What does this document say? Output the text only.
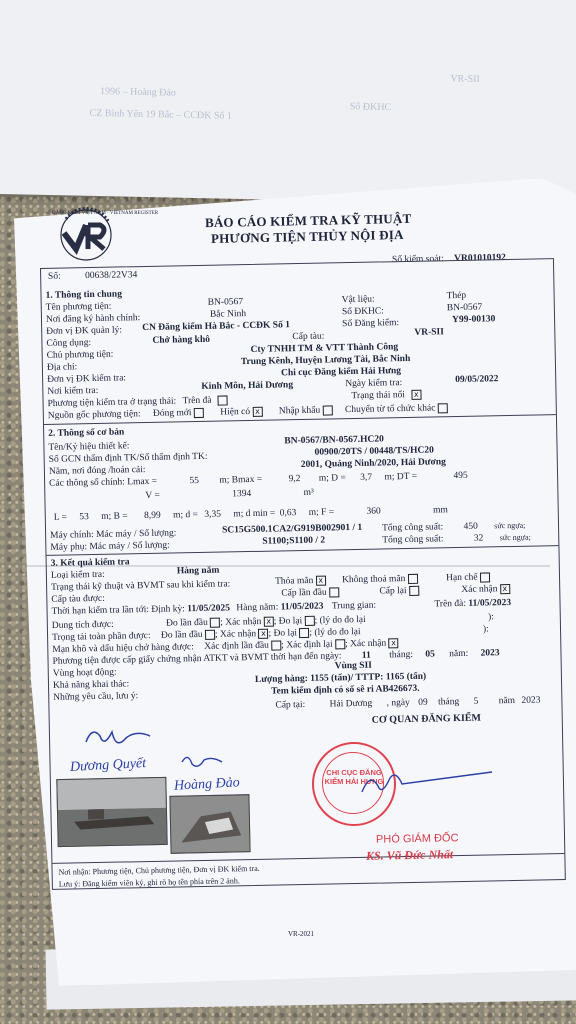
1996 – Hoàng Đảo
CZ Bình Yên 19 Bắc – CCĐK Số 1
Số ĐKHC
VR-SII
ĐĂNG KIỂM VIỆT NAM · VIETNAM REGISTER	BÁO CÁO KIỂM TRA KỸ THUẬT
PHƯƠNG TIỆN THỦY NỘI ĐỊA
Số kiểm soát: VR01010192
Số:	00638/22V34
1. Thông tin chung
Tên phương tiện:	BN-0567	Vật liệu:	Thép
Nơi đăng ký hành chính:	Bắc Ninh	Số ĐKHC:	BN-0567
Đơn vị ĐK quản lý: CN Đăng kiểm Hà Bắc - CCĐK Số 1	Số Đăng kiểm:	Y99-00130
Công dụng:	Chở hàng khô	Cấp tàu:	VR-SII
Chủ phương tiện:
Cty TNHH TM & VTT Thành Công
Địa chỉ:
Trung Kênh, Huyện Lương Tài, Bắc Ninh
Đơn vị ĐK kiểm tra:
Chi cục Đăng kiểm Hải Hưng
Nơi kiểm tra:	Kinh Môn, Hải Dương	Ngày kiểm tra:	09/05/2022
Phương tiện kiểm tra ở trạng thái: Trên đà	Trạng thái nổi x
Nguồn gốc phương tiện: Đóng mới	Hiện có x Nhập khẩu	Chuyển từ tổ chức khác
2. Thông số cơ bản
Tên/Ký hiệu thiết kế:
BN-0567/BN-0567.HC20
Số GCN thẩm định TK/Số thẩm định TK:
00900/20TS / 00448/TS/HC20
Năm, nơi đóng /hoán cải:
2001, Quảng Ninh/2020, Hải Dương
Các thông số chính: Lmax =	55 m; Bmax =	9,2 m; D = 3,7 m; DT =	495
V =	1394	m³
L = 53 m; B = 8,99 m; d = 3,35 m; d min = 0,63 m; F =	360	mm
Máy chính: Mác máy / Số lượng:	SC15G500.1CA2/G919B002901 / 1 Tổng công suất: 450 sức ngựa;
Máy phụ: Mác máy / Số lượng:	S1100;S1100 / 2	Tổng công suất:	32 sức ngựa;
3. Kết quả kiểm tra
Loại kiểm tra:	Hàng năm
Trạng thái kỹ thuật và BVMT sau khi kiểm tra:	Thỏa mãn x Không thoả mãn	Hạn chế
Cấp tàu được:
Cấp lần đầu	Cấp lại	Xác nhận x
Thời hạn kiểm tra lần tới: Định kỳ: 11/05/2025 Hàng năm: 11/05/2023 Trung gian:	Trên đà: 11/05/2023
Dung tích được:	Đo lần đầu ; Xác nhận x ; Đo lại ; (lý do đo lại	):
Trọng tải toàn phần được: Đo lần đầu ; Xác nhận x ; Đo lại ; (lý do đo lại	):
Mạn khô và dấu hiệu chở hàng được: Xác định lần đầu ; Xác định lại ; Xác nhận x
Phương tiện được cấp giấy chứng nhận ATKT và BVMT thời hạn đến ngày: 11 tháng: 05 năm: 2023
Vùng hoạt động:
Vùng SII
Khả năng khai thác:
Lượng hàng: 1155 (tấn)/ TTTP: 1165 (tấn)
Những yêu cầu, lưu ý:
Tem kiểm định có số sê ri AB426673.
Cấp tại:	Hải Dương , ngày 09 tháng 5 năm 2023
CƠ QUAN ĐĂNG KIỂM
Nơi nhận: Phương tiện, Chủ phương tiện, Đơn vị ĐK kiểm tra.
Lưu ý: Đăng kiểm viên ký, ghi rõ họ tên phía trên 2 ảnh.
Dương Quyết
Hoàng Đảo
CHI CỤC ĐĂNG KIỂM HẢI HƯNG
PHÓ GIÁM ĐỐC
KS. Vũ Đức Nhất
VR-2021
